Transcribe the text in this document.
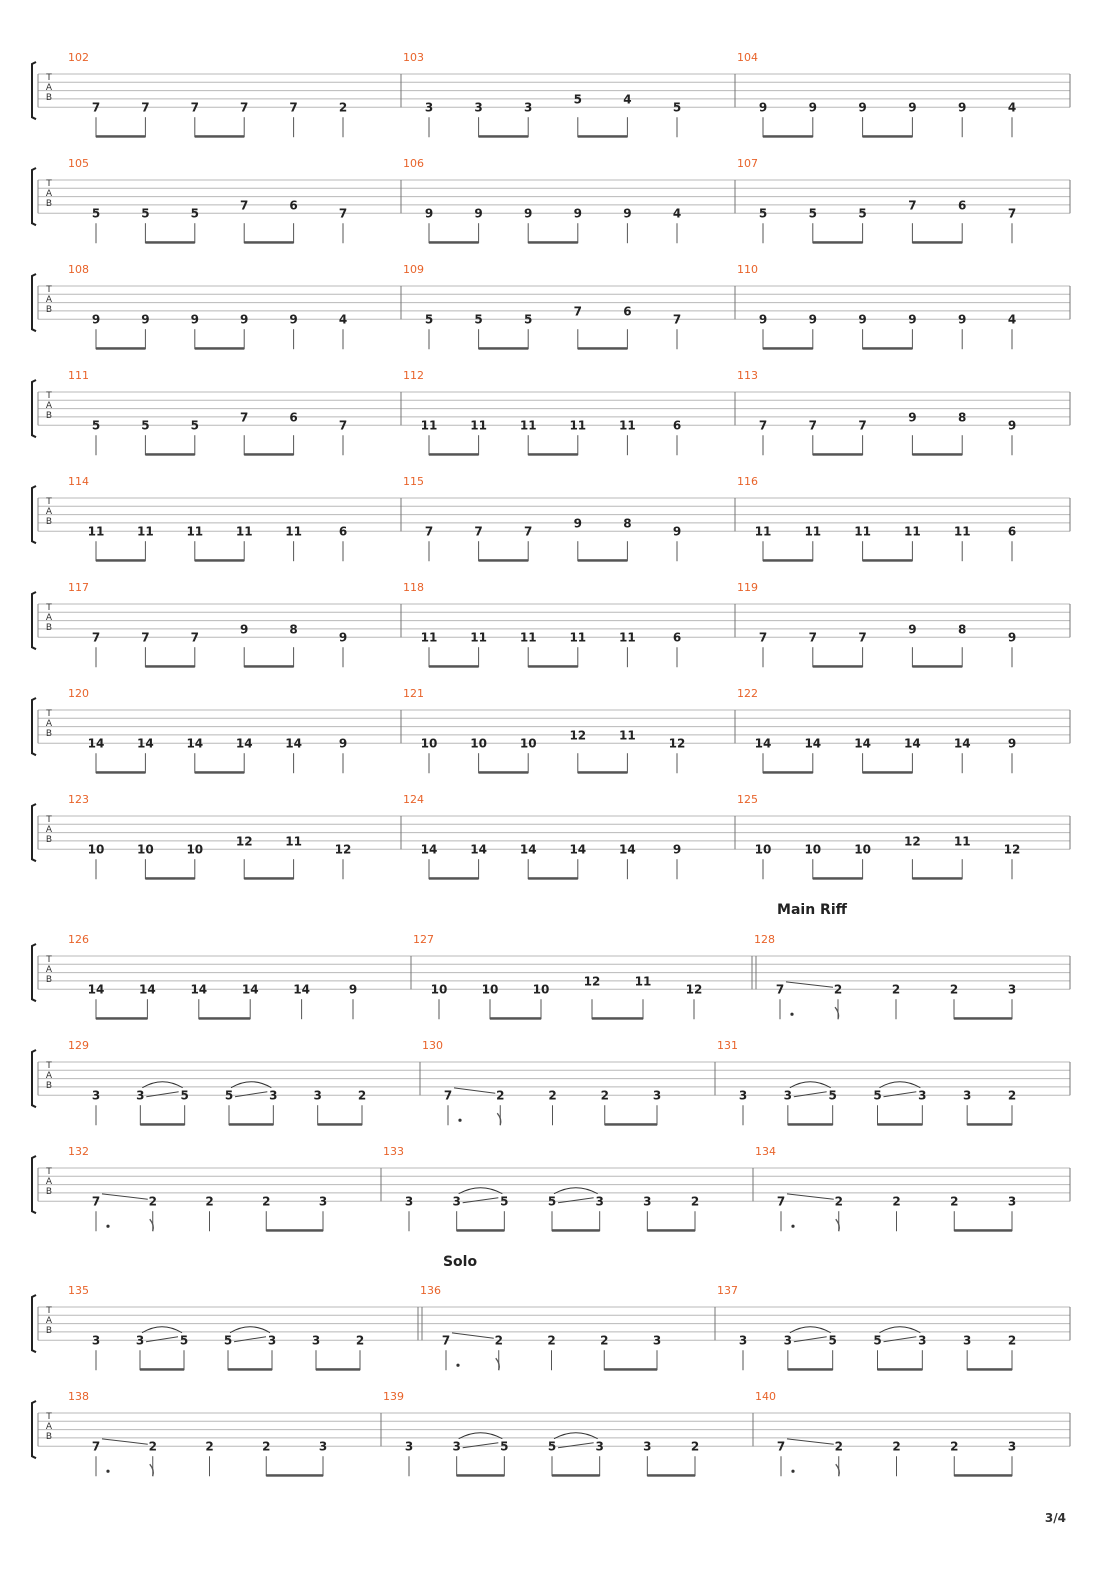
T
A
B
102
7	7	7	7	7	2
103
3	3	3
5	4
5
104
9	9	9	9	9	4
T
A
B
105
5	5	5
7	6
7
106
9	9	9	9	9	4
107
5	5	5
7	6
7
T
A
B
108
9	9	9	9	9	4
109
5	5	5
7	6
7
110
9	9	9	9	9	4
T
A
B
111
5	5	5
7	6
7
112
11	11	11	11	11	6
113
7	7	7
9	8
9
T
A
B
114
11	11	11	11	11	6
115
7	7	7
9	8
9
116
11	11	11	11	11	6
T
A
B
117
7	7	7
9	8
9
118
11	11	11	11	11	6
119
7	7	7
9	8
9
T
A
B
120
14	14	14	14	14	9
121
10	10	10
12	11
12
122
14	14	14	14	14	9
T
A
B
123
10	10	10
12	11
12
124
14	14	14	14	14	9
125
10	10	10
12	11
12
T
A
B
126
14	14	14	14	14	9
127
10	10	10
12	11
12
128
Main Riff
7	2	2	2	3
T
A
B
129
3	3	5	5	3	3	2
130
7	2	2	2	3
131
3	3	5	5	3	3	2
T
A
B
132
7	2	2	2	3
133
3	3	5	5	3	3	2
134
7	2	2	2	3
T
A
B
135
Solo
3	3	5	5	3	3	2
136
7	2	2	2	3
137
3	3	5	5	3	3	2
T
A
B
138
7	2	2	2	3
139
3	3	5	5	3	3	2
140
7	2	2	2	3
3/4
